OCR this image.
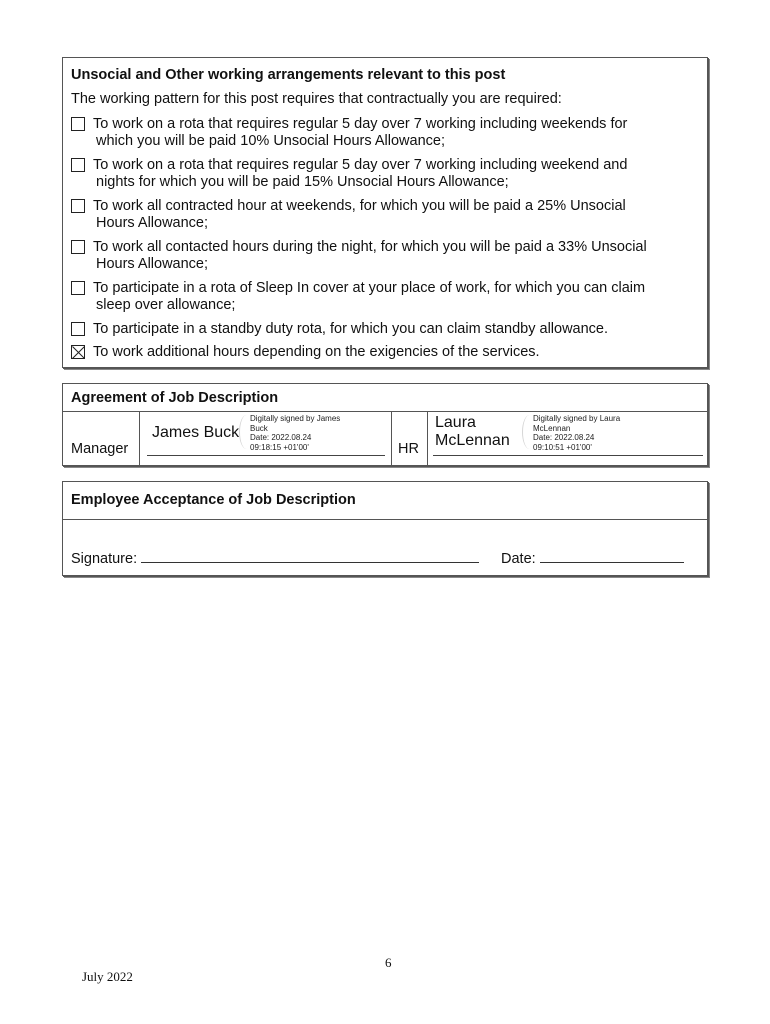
Unsocial and Other working arrangements relevant to this post
The working pattern for this post requires that contractually you are required:
To work on a rota that requires regular 5 day over 7 working including weekends for
which you will be paid 10% Unsocial Hours Allowance;
To work on a rota that requires regular 5 day over 7 working including weekend and
nights for which you will be paid 15% Unsocial Hours Allowance;
To work all contracted hour at weekends, for which you will be paid a 25% Unsocial
Hours Allowance;
To work all contacted hours during the night, for which you will be paid a 33% Unsocial
Hours Allowance;
To participate in a rota of Sleep In cover at your place of work, for which you can claim
sleep over allowance;
To participate in a standby duty rota, for which you can claim standby allowance.
To work additional hours depending on the exigencies of the services.
Agreement of Job Description
Manager
James Buck
Digitally signed by James
Buck
Date: 2022.08.24
09:18:15 +01'00'	HR
Laura
McLennan
Digitally signed by Laura
McLennan
Date: 2022.08.24
09:10:51 +01'00'
Employee Acceptance of Job Description
Signature:	Date:
6
July 2022
